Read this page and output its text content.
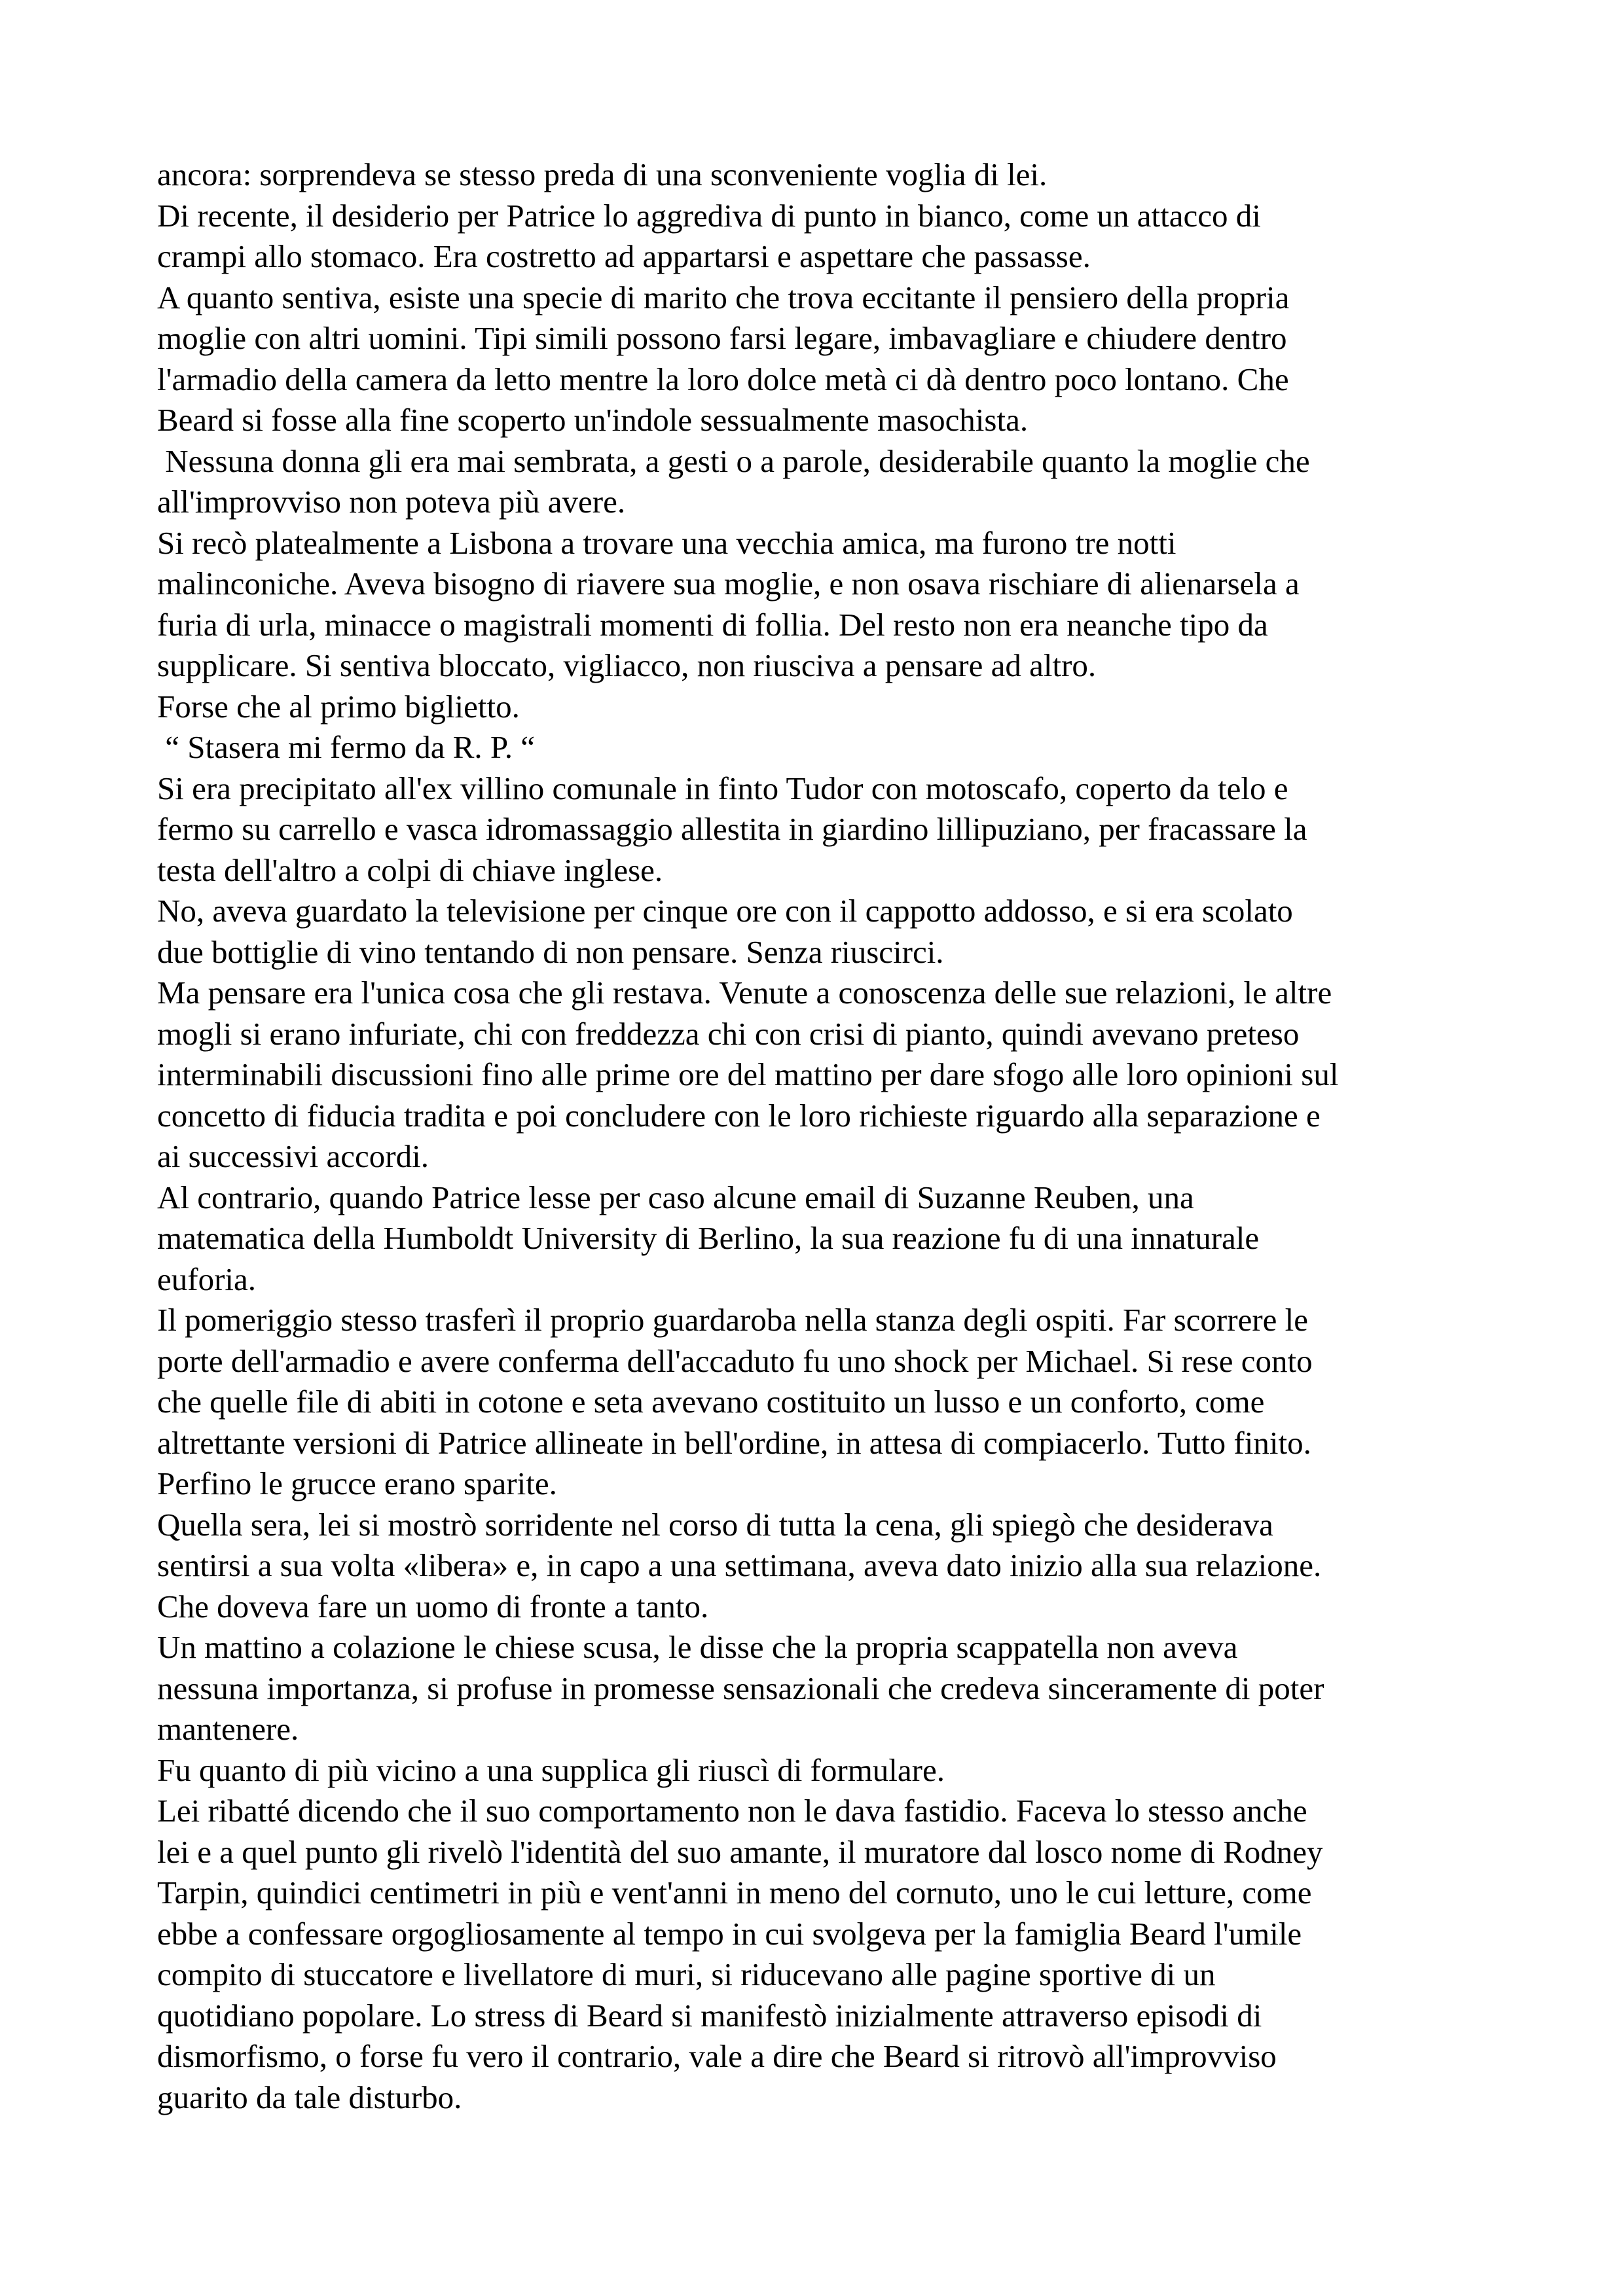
ancora: sorprendeva se stesso preda di una sconveniente voglia di lei.
Di recente, il desiderio per Patrice lo aggrediva di punto in bianco, come un attacco di
crampi allo stomaco. Era costretto ad appartarsi e aspettare che passasse.
A quanto sentiva, esiste una specie di marito che trova eccitante il pensiero della propria
moglie con altri uomini. Tipi simili possono farsi legare, imbavagliare e chiudere dentro
l'armadio della camera da letto mentre la loro dolce metà ci dà dentro poco lontano. Che
Beard si fosse alla fine scoperto un'indole sessualmente masochista.
Nessuna donna gli era mai sembrata, a gesti o a parole, desiderabile quanto la moglie che
all'improvviso non poteva più avere.
Si recò platealmente a Lisbona a trovare una vecchia amica, ma furono tre notti
malinconiche. Aveva bisogno di riavere sua moglie, e non osava rischiare di alienarsela a
furia di urla, minacce o magistrali momenti di follia. Del resto non era neanche tipo da
supplicare. Si sentiva bloccato, vigliacco, non riusciva a pensare ad altro.
Forse che al primo biglietto.
“ Stasera mi fermo da R. P. “
Si era precipitato all'ex villino comunale in finto Tudor con motoscafo, coperto da telo e
fermo su carrello e vasca idromassaggio allestita in giardino lillipuziano, per fracassare la
testa dell'altro a colpi di chiave inglese.
No, aveva guardato la televisione per cinque ore con il cappotto addosso, e si era scolato
due bottiglie di vino tentando di non pensare. Senza riuscirci.
Ma pensare era l'unica cosa che gli restava. Venute a conoscenza delle sue relazioni, le altre
mogli si erano infuriate, chi con freddezza chi con crisi di pianto, quindi avevano preteso
interminabili discussioni fino alle prime ore del mattino per dare sfogo alle loro opinioni sul
concetto di fiducia tradita e poi concludere con le loro richieste riguardo alla separazione e
ai successivi accordi.
Al contrario, quando Patrice lesse per caso alcune email di Suzanne Reuben, una
matematica della Humboldt University di Berlino, la sua reazione fu di una innaturale
euforia.
Il pomeriggio stesso trasferì il proprio guardaroba nella stanza degli ospiti. Far scorrere le
porte dell'armadio e avere conferma dell'accaduto fu uno shock per Michael. Si rese conto
che quelle file di abiti in cotone e seta avevano costituito un lusso e un conforto, come
altrettante versioni di Patrice allineate in bell'ordine, in attesa di compiacerlo. Tutto finito.
Perfino le grucce erano sparite.
Quella sera, lei si mostrò sorridente nel corso di tutta la cena, gli spiegò che desiderava
sentirsi a sua volta «libera» e, in capo a una settimana, aveva dato inizio alla sua relazione.
Che doveva fare un uomo di fronte a tanto.
Un mattino a colazione le chiese scusa, le disse che la propria scappatella non aveva
nessuna importanza, si profuse in promesse sensazionali che credeva sinceramente di poter
mantenere.
Fu quanto di più vicino a una supplica gli riuscì di formulare.
Lei ribatté dicendo che il suo comportamento non le dava fastidio. Faceva lo stesso anche
lei e a quel punto gli rivelò l'identità del suo amante, il muratore dal losco nome di Rodney
Tarpin, quindici centimetri in più e vent'anni in meno del cornuto, uno le cui letture, come
ebbe a confessare orgogliosamente al tempo in cui svolgeva per la famiglia Beard l'umile
compito di stuccatore e livellatore di muri, si riducevano alle pagine sportive di un
quotidiano popolare. Lo stress di Beard si manifestò inizialmente attraverso episodi di
dismorfismo, o forse fu vero il contrario, vale a dire che Beard si ritrovò all'improvviso
guarito da tale disturbo.
